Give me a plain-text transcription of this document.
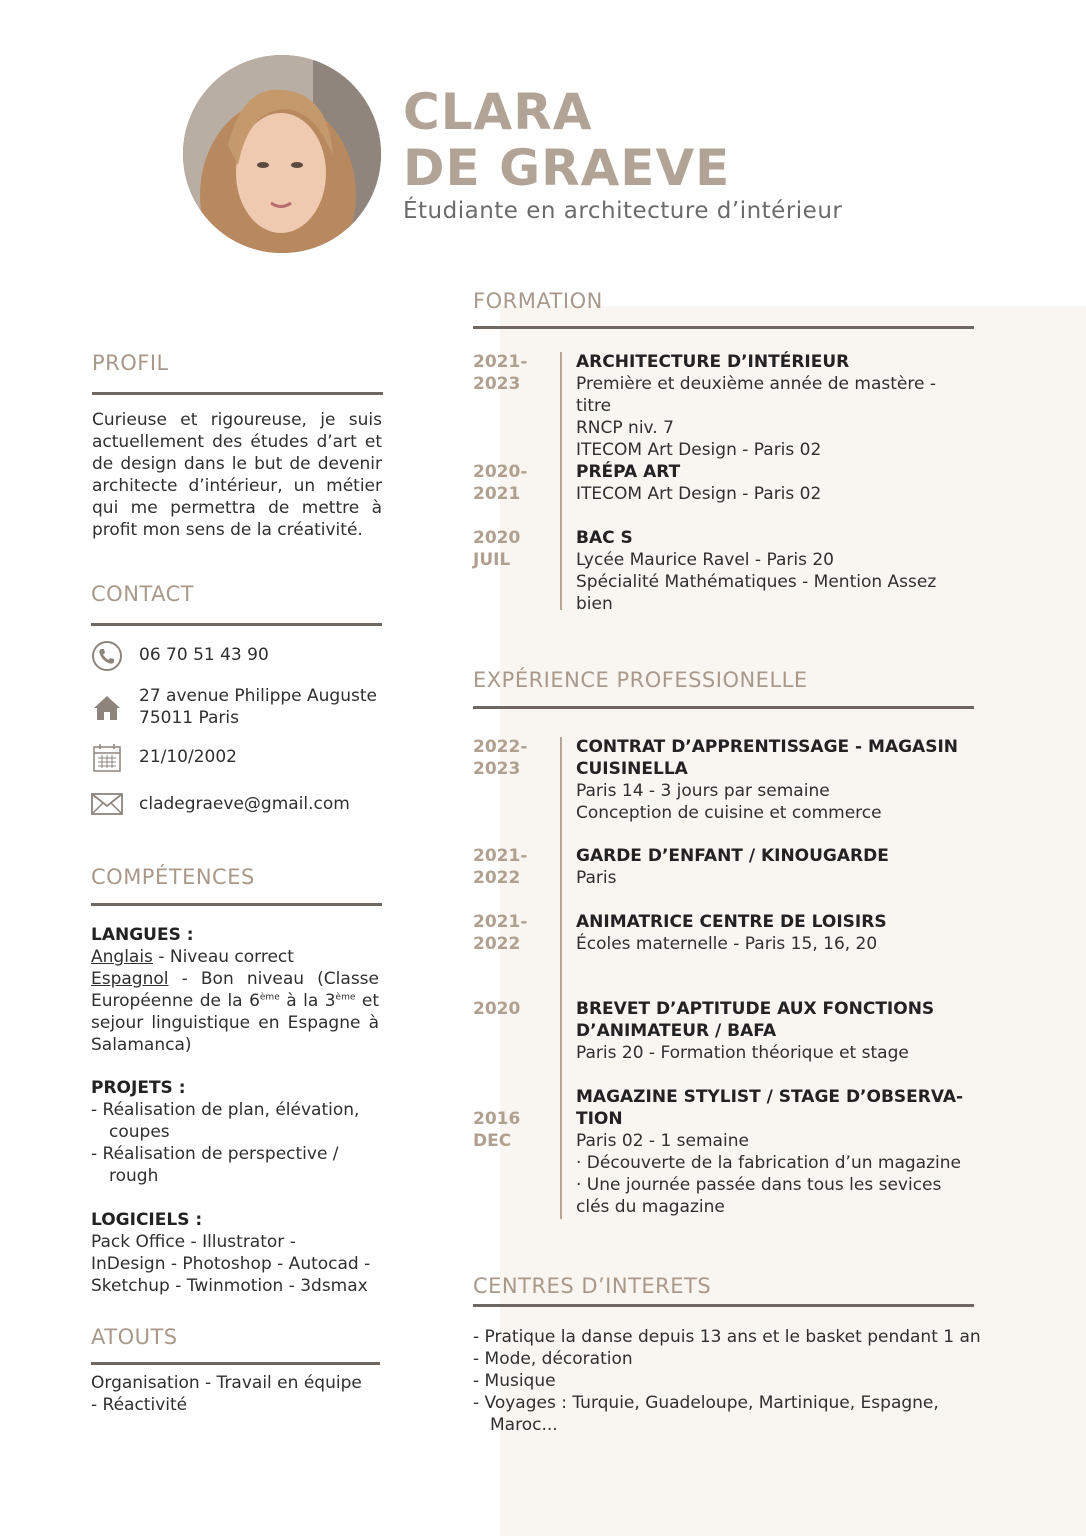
CLARA
DE GRAEVE
Étudiante en architecture d’intérieur
PROFIL
Curieuse et rigoureuse, je suis actuellement des études d’art et de design dans le but de devenir architecte d’intérieur, un métier qui me permettra de mettre à profit mon sens de la créativité.
CONTACT
06 70 51 43 90
27 avenue Philippe Auguste
75011 Paris
21/10/2002
cladegraeve@gmail.com
COMPÉTENCES
LANGUES :
Anglais - Niveau correct
Espagnol - Bon niveau (Classe Européenne de la 6ème à la 3ème et sejour linguistique en Espagne à Salamanca)
PROJETS :
- Réalisation de plan, élévation,
coupes
- Réalisation de perspective /
rough
LOGICIELS :
Pack Office - Illustrator -
InDesign - Photoshop - Autocad -
Sketchup - Twinmotion - 3dsmax
ATOUTS
Organisation - Travail en équipe
- Réactivité
FORMATION
2021-
2023
ARCHITECTURE D’INTÉRIEUR
Première et deuxième année de mastère - titre
RNCP niv. 7
ITECOM Art Design - Paris 02
2020-
2021
PRÉPA ART
ITECOM Art Design - Paris 02
2020
JUIL
BAC S
Lycée Maurice Ravel - Paris 20
Spécialité Mathématiques - Mention Assez
bien
EXPÉRIENCE PROFESSIONELLE
2022-
2023
CONTRAT D’APPRENTISSAGE - MAGASIN
CUISINELLA
Paris 14 - 3 jours par semaine
Conception de cuisine et commerce
2021-
2022
GARDE D’ENFANT / KINOUGARDE
Paris
2021-
2022
ANIMATRICE CENTRE DE LOISIRS
Écoles maternelle - Paris 15, 16, 20
2020	BREVET D’APTITUDE AUX FONCTIONS
D’ANIMATEUR / BAFA
Paris 20 - Formation théorique et stage
2016
DEC
MAGAZINE STYLIST / STAGE D’OBSERVA-
TION
Paris 02 - 1 semaine
· Découverte de la fabrication d’un magazine
· Une journée passée dans tous les sevices
clés du magazine
CENTRES D’INTERETS
- Pratique la danse depuis 13 ans et le basket pendant 1 an
- Mode, décoration
- Musique
- Voyages : Turquie, Guadeloupe, Martinique, Espagne,
Maroc...
